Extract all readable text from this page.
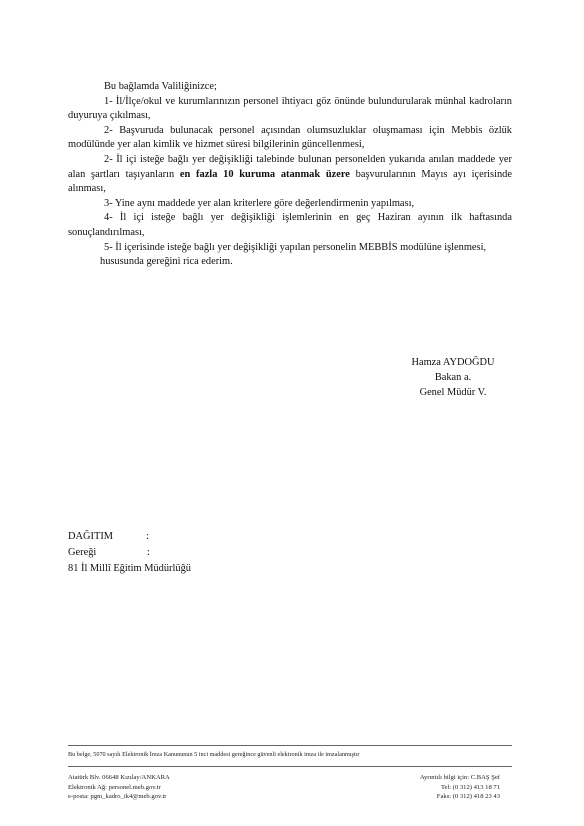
Bu bağlamda Valiliğinizce;

1- İl/İlçe/okul ve kurumlarınızın personel ihtiyacı göz önünde bulundurularak münhal kadroların duyuruya çıkılması,

2- Başvuruda bulunacak personel açısından olumsuzluklar oluşmaması için Mebbis özlük modülünde yer alan kimlik ve hizmet süresi bilgilerinin güncellenmesi,

2- İl içi isteğe bağlı yer değişikliği talebinde bulunan personelden yukarıda anılan maddede yer alan şartları taşıyanların en fazla 10 kuruma atanmak üzere başvurularının Mayıs ayı içerisinde alınması,

3- Yine aynı maddede yer alan kriterlere göre değerlendirmenin yapılması,

4- İl içi isteğe bağlı yer değişikliği işlemlerinin en geç Haziran ayının ilk haftasında sonuçlandırılması,

5- İl içerisinde isteğe bağlı yer değişikliği yapılan personelin MEBBİS modülüne işlenmesi,

hususunda gereğini rica ederim.

Hamza AYDOĞDU
Bakan a.
Genel Müdür V.
DAĞITIM	:
Gereği	:
81 İl Millî Eğitim Müdürlüğü
Bu belge, 5070 sayılı Elektronik İmza Kanununun 5 inci maddesi gereğince güvenli elektronik imza ile imzalanmıştır
Atatürk Blv. 06648 Kızılay/ANKARA
Elektronik Ağ: personel.meb.gov.tr
e-posta: pgm_kadro_ik4@meb.gov.tr
Ayrıntılı bilgi için: C.BAŞ Şef
Tel: (0 312) 413 18 71
Faks: (0 312) 418 23 43
